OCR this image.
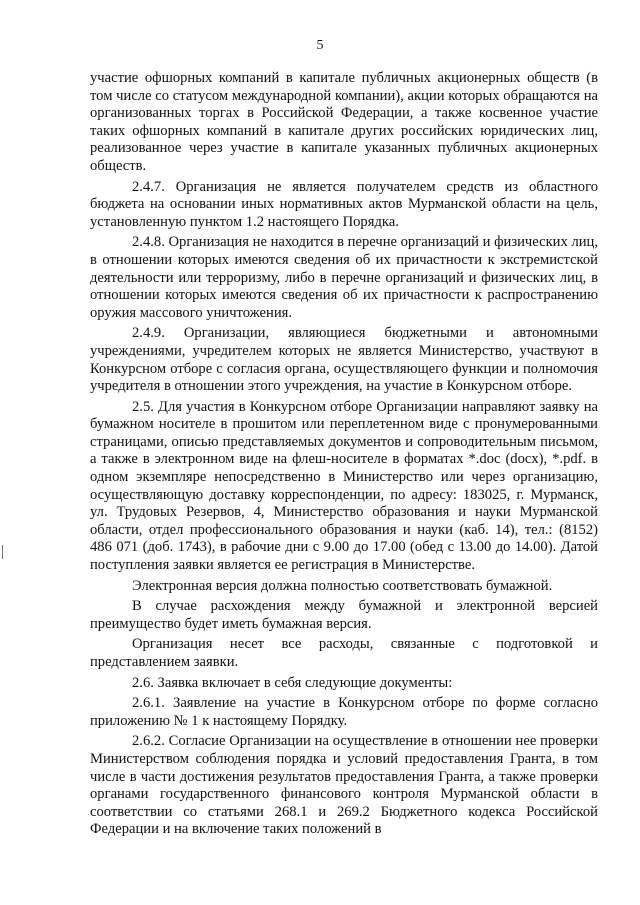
5

участие офшорных компаний в капитале публичных акционерных обществ (в том числе со статусом международной компании), акции которых обращаются на организованных торгах в Российской Федерации, а также косвенное участие таких офшорных компаний в капитале других российских юридических лиц, реализованное через участие в капитале указанных публичных акционерных обществ.

2.4.7. Организация не является получателем средств из областного бюджета на основании иных нормативных актов Мурманской области на цель, установленную пунктом 1.2 настоящего Порядка.

2.4.8. Организация не находится в перечне организаций и физических лиц, в отношении которых имеются сведения об их причастности к экстремистской деятельности или терроризму, либо в перечне организаций и физических лиц, в отношении которых имеются сведения об их причастности к распространению оружия массового уничтожения.

2.4.9. Организации, являющиеся бюджетными и автономными учреждениями, учредителем которых не является Министерство, участвуют в Конкурсном отборе с согласия органа, осуществляющего функции и полномочия учредителя в отношении этого учреждения, на участие в Конкурсном отборе.

2.5. Для участия в Конкурсном отборе Организации направляют заявку на бумажном носителе в прошитом или переплетенном виде с пронумерованными страницами, описью представляемых документов и сопроводительным письмом, а также в электронном виде на флеш-носителе в форматах *.doc (docx), *.pdf. в одном экземпляре непосредственно в Министерство или через организацию, осуществляющую доставку корреспонденции, по адресу: 183025, г. Мурманск, ул. Трудовых Резервов, 4, Министерство образования и науки Мурманской области, отдел профессионального образования и науки (каб. 14), тел.: (8152) 486 071 (доб. 1743), в рабочие дни с 9.00 до 17.00 (обед с 13.00 до 14.00). Датой поступления заявки является ее регистрация в Министерстве.

Электронная версия должна полностью соответствовать бумажной.

В случае расхождения между бумажной и электронной версией преимущество будет иметь бумажная версия.

Организация несет все расходы, связанные с подготовкой и представлением заявки.

2.6. Заявка включает в себя следующие документы:

2.6.1. Заявление на участие в Конкурсном отборе по форме согласно приложению № 1 к настоящему Порядку.

2.6.2. Согласие Организации на осуществление в отношении нее проверки Министерством соблюдения порядка и условий предоставления Гранта, в том числе в части достижения результатов предоставления Гранта, а также проверки органами государственного финансового контроля Мурманской области в соответствии со статьями 268.1 и 269.2 Бюджетного кодекса Российской Федерации и на включение таких положений в
